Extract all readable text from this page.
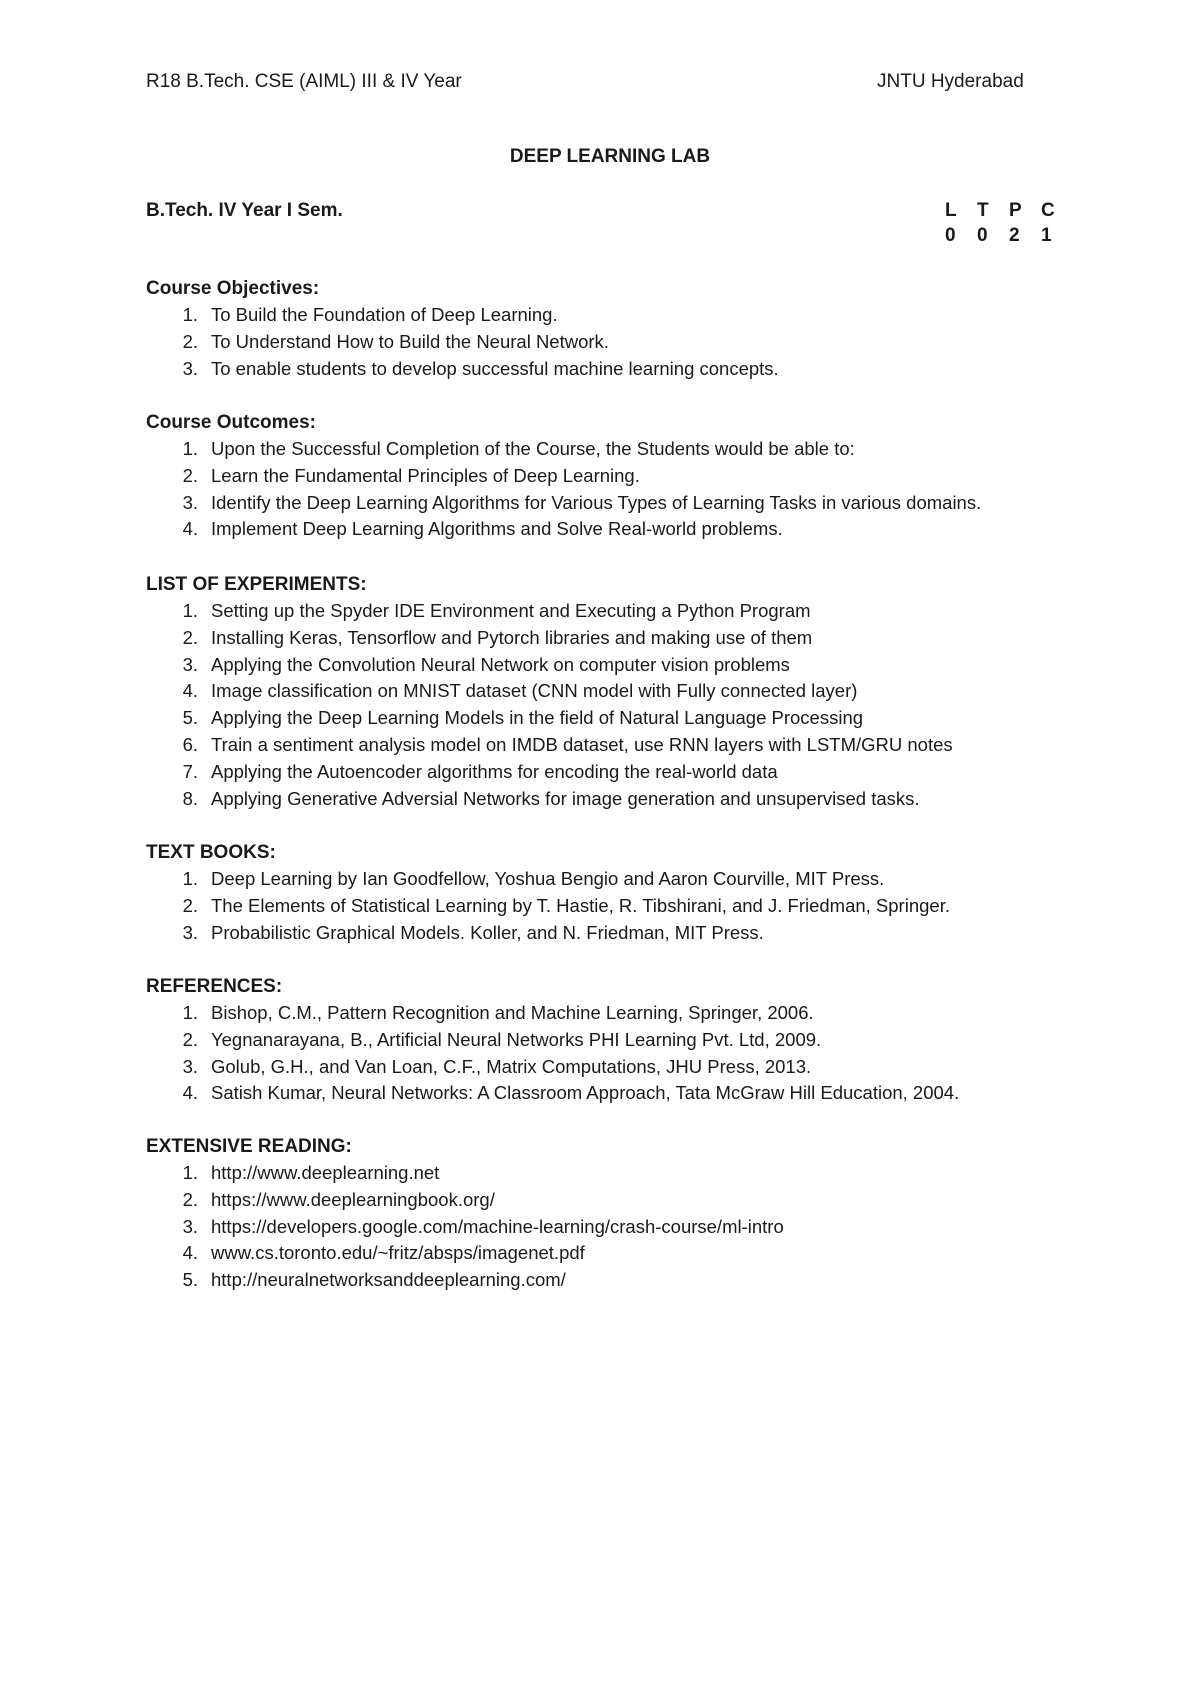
R18 B.Tech. CSE (AIML) III & IV Year	JNTU Hyderabad
DEEP LEARNING LAB
B.Tech. IV Year I Sem.	L	T	P	C
0	0	2	1
Course Objectives:
1. To Build the Foundation of Deep Learning.
2. To Understand How to Build the Neural Network.
3. To enable students to develop successful machine learning concepts.
Course Outcomes:
1. Upon the Successful Completion of the Course, the Students would be able to:
2. Learn the Fundamental Principles of Deep Learning.
3. Identify the Deep Learning Algorithms for Various Types of Learning Tasks in various domains.
4. Implement Deep Learning Algorithms and Solve Real-world problems.
LIST OF EXPERIMENTS:
1. Setting up the Spyder IDE Environment and Executing a Python Program
2. Installing Keras, Tensorflow and Pytorch libraries and making use of them
3. Applying the Convolution Neural Network on computer vision problems
4. Image classification on MNIST dataset (CNN model with Fully connected layer)
5. Applying the Deep Learning Models in the field of Natural Language Processing
6. Train a sentiment analysis model on IMDB dataset, use RNN layers with LSTM/GRU notes
7. Applying the Autoencoder algorithms for encoding the real-world data
8. Applying Generative Adversial Networks for image generation and unsupervised tasks.
TEXT BOOKS:
1. Deep Learning by Ian Goodfellow, Yoshua Bengio and Aaron Courville, MIT Press.
2. The Elements of Statistical Learning by T. Hastie, R. Tibshirani, and J. Friedman, Springer.
3. Probabilistic Graphical Models. Koller, and N. Friedman, MIT Press.
REFERENCES:
1. Bishop, C.M., Pattern Recognition and Machine Learning, Springer, 2006.
2. Yegnanarayana, B., Artificial Neural Networks PHI Learning Pvt. Ltd, 2009.
3. Golub, G.H., and Van Loan, C.F., Matrix Computations, JHU Press, 2013.
4. Satish Kumar, Neural Networks: A Classroom Approach, Tata McGraw Hill Education, 2004.
EXTENSIVE READING:
1. http://www.deeplearning.net
2. https://www.deeplearningbook.org/
3. https://developers.google.com/machine-learning/crash-course/ml-intro
4. www.cs.toronto.edu/~fritz/absps/imagenet.pdf
5. http://neuralnetworksanddeeplearning.com/
